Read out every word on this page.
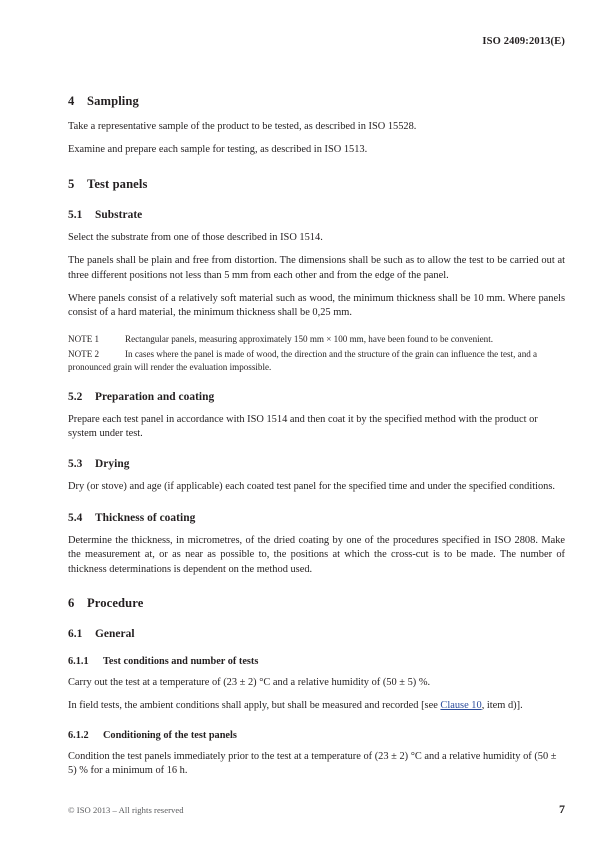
ISO 2409:2013(E)
4 Sampling

Take a representative sample of the product to be tested, as described in ISO 15528.

Examine and prepare each sample for testing, as described in ISO 1513.

5 Test panels
5.1 Substrate

Select the substrate from one of those described in ISO 1514.

The panels shall be plain and free from distortion. The dimensions shall be such as to allow the test to be carried out at three different positions not less than 5 mm from each other and from the edge of the panel.

Where panels consist of a relatively soft material such as wood, the minimum thickness shall be 10 mm. Where panels consist of a hard material, the minimum thickness shall be 0,25 mm.

NOTE 1	Rectangular panels, measuring approximately 150 mm × 100 mm, have been found to be convenient.

NOTE 2	In cases where the panel is made of wood, the direction and the structure of the grain can influence the test, and a pronounced grain will render the evaluation impossible.

5.2 Preparation and coating

Prepare each test panel in accordance with ISO 1514 and then coat it by the specified method with the product or system under test.

5.3 Drying

Dry (or stove) and age (if applicable) each coated test panel for the specified time and under the specified conditions.

5.4 Thickness of coating

Determine the thickness, in micrometres, of the dried coating by one of the procedures specified in ISO 2808. Make the measurement at, or as near as possible to, the positions at which the cross-cut is to be made. The number of thickness determinations is dependent on the method used.

6 Procedure
6.1 General
6.1.1 Test conditions and number of tests

Carry out the test at a temperature of (23 ± 2) °C and a relative humidity of (50 ± 5) %.

In field tests, the ambient conditions shall apply, but shall be measured and recorded [see Clause 10, item d)].

6.1.2 Conditioning of the test panels

Condition the test panels immediately prior to the test at a temperature of (23 ± 2) °C and a relative humidity of (50 ± 5) % for a minimum of 16 h.

© ISO 2013 – All rights reserved	7
